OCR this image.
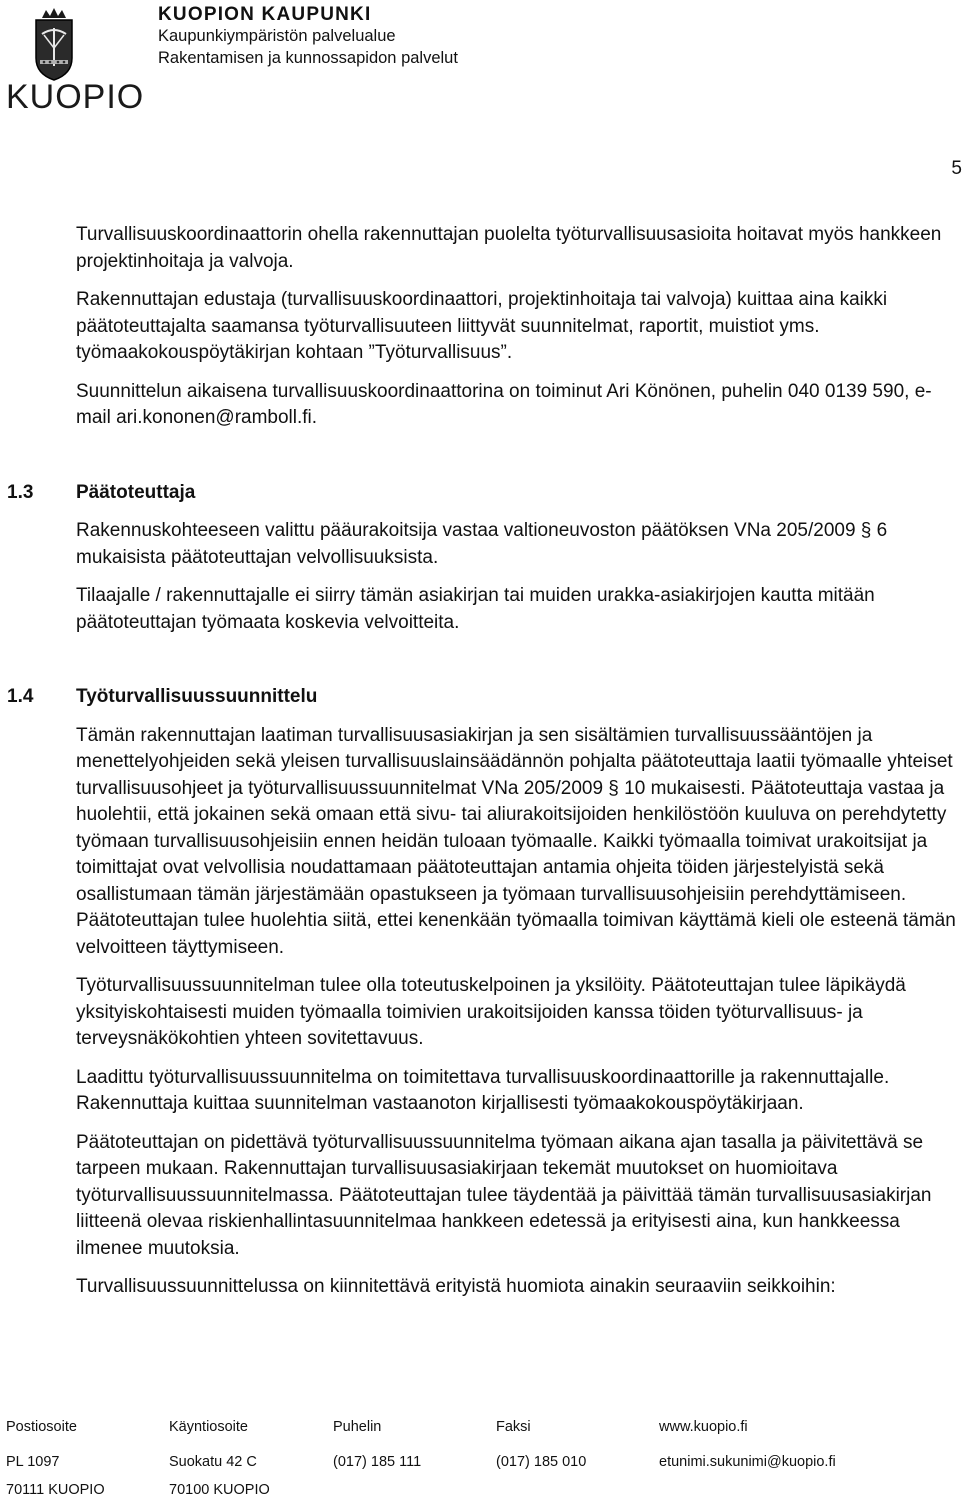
KUOPIO
KUOPION KAUPUNKI
Kaupunkiympäristön palvelualue
Rakentamisen ja kunnossapidon palvelut
5

Turvallisuuskoordinaattorin ohella rakennuttajan puolelta työturvallisuusasioita hoitavat myös hankkeen projektinhoitaja ja valvoja.

Rakennuttajan edustaja (turvallisuuskoordinaattori, projektinhoitaja tai valvoja) kuittaa aina kaikki päätoteuttajalta saamansa työturvallisuuteen liittyvät suunnitelmat, raportit, muistiot yms. työmaakokouspöytäkirjan kohtaan ”Työturvallisuus”.

Suunnittelun aikaisena turvallisuuskoordinaattorina on toiminut Ari Könönen, puhelin 040 0139 590, e-mail ari.kononen@ramboll.fi.

1.3 Päätoteuttaja

Rakennuskohteeseen valittu pääurakoitsija vastaa valtioneuvoston päätöksen VNa 205/2009 § 6 mukaisista päätoteuttajan velvollisuuksista.

Tilaajalle / rakennuttajalle ei siirry tämän asiakirjan tai muiden urakka-asiakirjojen kautta mitään päätoteuttajan työmaata koskevia velvoitteita.

1.4 Työturvallisuussuunnittelu

Tämän rakennuttajan laatiman turvallisuusasiakirjan ja sen sisältämien turvallisuussääntöjen ja menettelyohjeiden sekä yleisen turvallisuuslainsäädännön pohjalta päätoteuttaja laatii työmaalle yhteiset turvallisuusohjeet ja työturvallisuussuunnitelmat VNa 205/2009 § 10 mukaisesti. Päätoteuttaja vastaa ja huolehtii, että jokainen sekä omaan että sivu- tai aliurakoitsijoiden henkilöstöön kuuluva on perehdytetty työmaan turvallisuusohjeisiin ennen heidän tuloaan työmaalle. Kaikki työmaalla toimivat urakoitsijat ja toimittajat ovat velvollisia noudattamaan päätoteuttajan antamia ohjeita töiden järjestelyistä sekä osallistumaan tämän järjestämään opastukseen ja työmaan turvallisuusohjeisiin perehdyttämiseen. Päätoteuttajan tulee huolehtia siitä, ettei kenenkään työmaalla toimivan käyttämä kieli ole esteenä tämän velvoitteen täyttymiseen.

Työturvallisuussuunnitelman tulee olla toteutuskelpoinen ja yksilöity. Päätoteuttajan tulee läpikäydä yksityiskohtaisesti muiden työmaalla toimivien urakoitsijoiden kanssa töiden työturvallisuus- ja terveysnäkökohtien yhteen sovitettavuus.

Laadittu työturvallisuussuunnitelma on toimitettava turvallisuuskoordinaattorille ja rakennuttajalle. Rakennuttaja kuittaa suunnitelman vastaanoton kirjallisesti työmaakokouspöytäkirjaan.

Päätoteuttajan on pidettävä työturvallisuussuunnitelma työmaan aikana ajan tasalla ja päivitettävä se tarpeen mukaan. Rakennuttajan turvallisuusasiakirjaan tekemät muutokset on huomioitava työturvallisuussuunnitelmassa. Päätoteuttajan tulee täydentää ja päivittää tämän turvallisuusasiakirjan liitteenä olevaa riskienhallintasuunnitelmaa hankkeen edetessä ja erityisesti aina, kun hankkeessa ilmenee muutoksia.

Turvallisuussuunnittelussa on kiinnitettävä erityistä huomiota ainakin seuraaviin seikkoihin:

Postiosoite	Käyntiosoite	Puhelin	Faksi	www.kuopio.fi
PL 1097	Suokatu 42 C	(017) 185 111	(017) 185 010	etunimi.sukunimi@kuopio.fi
70111 KUOPIO	70100 KUOPIO
